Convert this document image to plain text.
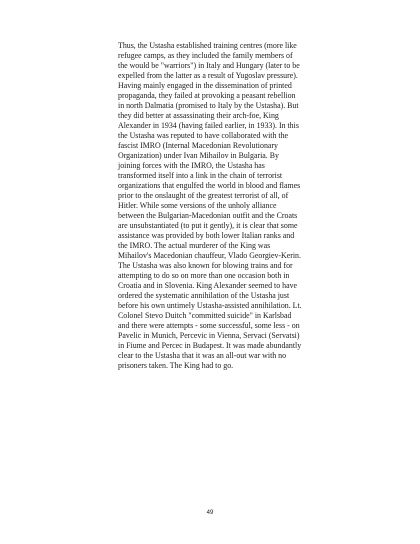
Thus, the Ustasha established training centres (more like
refugee camps, as they included the family members of
the would be "warriors") in Italy and Hungary (later to be
expelled from the latter as a result of Yugoslav pressure).
Having mainly engaged in the dissemination of printed
propaganda, they failed at provoking a peasant rebellion
in north Dalmatia (promised to Italy by the Ustasha). But
they did better at assassinating their arch-foe, King
Alexander in 1934 (having failed earlier, in 1933). In this
the Ustasha was reputed to have collaborated with the
fascist IMRO (Internal Macedonian Revolutionary
Organization) under Ivan Mihailov in Bulgaria. By
joining forces with the IMRO, the Ustasha has
transformed itself into a link in the chain of terrorist
organizations that engulfed the world in blood and flames
prior to the onslaught of the greatest terrorist of all, of
Hitler. While some versions of the unholy alliance
between the Bulgarian-Macedonian outfit and the Croats
are unsubstantiated (to put it gently), it is clear that some
assistance was provided by both lower Italian ranks and
the IMRO. The actual murderer of the King was
Mihailov's Macedonian chauffeur, Vlado Georgiev-Kerin.
The Ustasha was also known for blowing trains and for
attempting to do so on more than one occasion both in
Croatia and in Slovenia. King Alexander seemed to have
ordered the systematic annihilation of the Ustasha just
before his own untimely Ustasha-assisted annihilation. Lt.
Colonel Stevo Duitch "committed suicide" in Karlsbad
and there were attempts - some successful, some less - on
Pavelic in Munich, Percevic in Vienna, Servaci (Servatsi)
in Fiume and Percec in Budapest. It was made abundantly
clear to the Ustasha that it was an all-out war with no
prisoners taken. The King had to go.

49
